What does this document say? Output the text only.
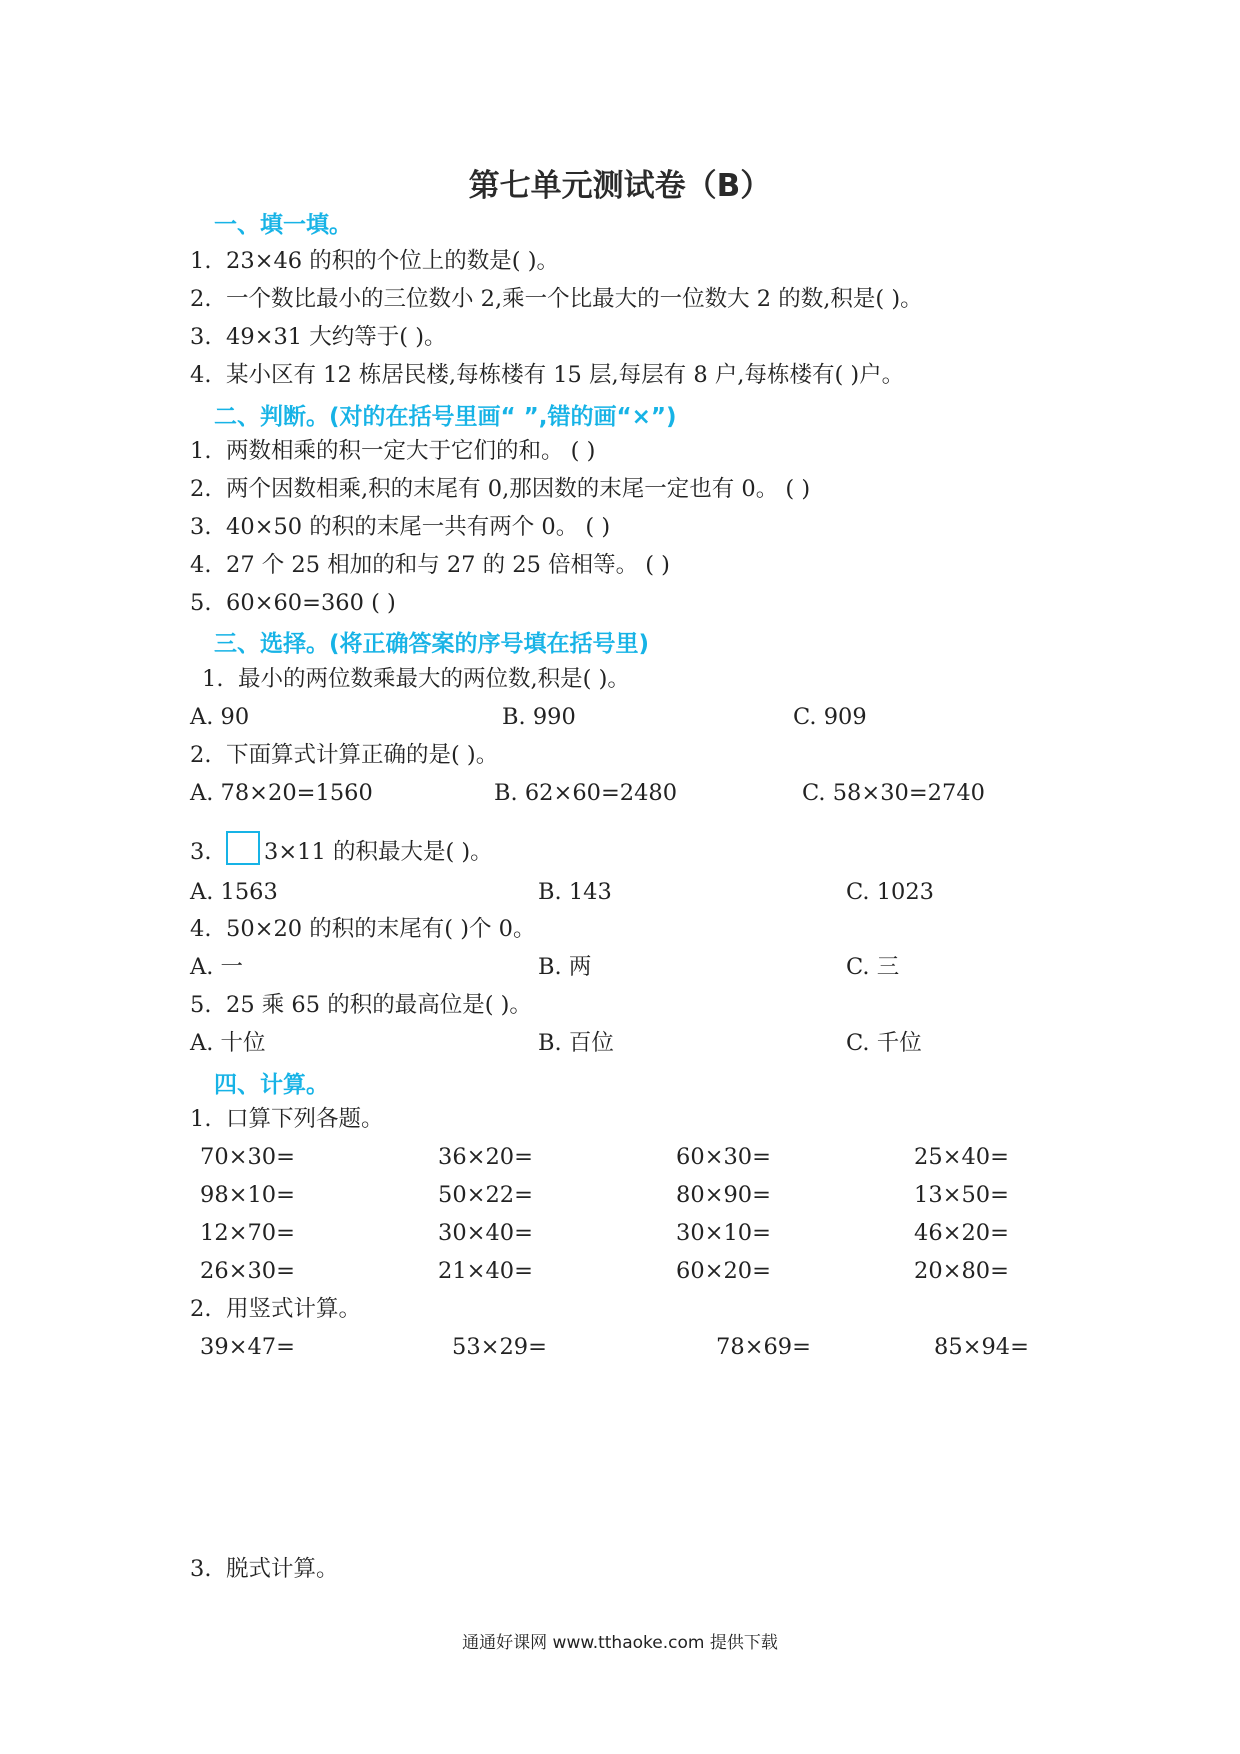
第七单元测试卷（B）
一、填一填。
1. 23×46 的积的个位上的数是( )。
2. 一个数比最小的三位数小 2,乘一个比最大的一位数大 2 的数,积是( )。
3. 49×31 大约等于( )。
4. 某小区有 12 栋居民楼,每栋楼有 15 层,每层有 8 户,每栋楼有( )户。
二、判断。(对的在括号里画“ ”,错的画“×”)
1. 两数相乘的积一定大于它们的和。 ( )
2. 两个因数相乘,积的末尾有 0,那因数的末尾一定也有 0。 ( )
3. 40×50 的积的末尾一共有两个 0。 ( )
4. 27 个 25 相加的和与 27 的 25 倍相等。 ( )
5. 60×60=360 ( )
三、选择。(将正确答案的序号填在括号里)
1. 最小的两位数乘最大的两位数,积是( )。
A. 90	B. 990	C. 909
2. 下面算式计算正确的是( )。
A. 78×20=1560	B. 62×60=2480	C. 58×30=2740
3. 3×11 的积最大是( )。
A. 1563	B. 143	C. 1023
4. 50×20 的积的末尾有( )个 0。
A. 一	B. 两	C. 三
5. 25 乘 65 的积的最高位是( )。
A. 十位	B. 百位	C. 千位
四、计算。
1. 口算下列各题。
70×30=	36×20=	60×30=	25×40=
98×10=	50×22=	80×90=	13×50=
12×70=	30×40=	30×10=	46×20=
26×30=	21×40=	60×20=	20×80=
2. 用竖式计算。
39×47=	53×29=	78×69=	85×94=
3. 脱式计算。
通通好课网 www.tthaoke.com 提供下载
